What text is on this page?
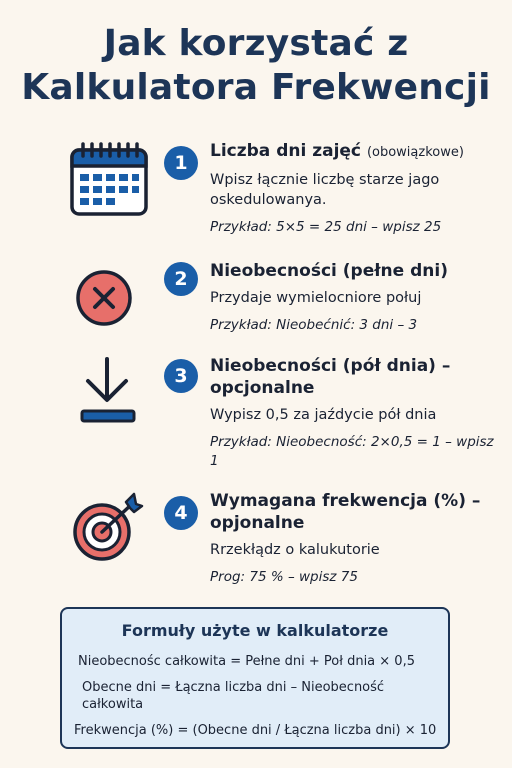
Jak korzystać z
Kalkulatora Frekwencji
1
Liczba dni zajęć (obowiązkowe)
Wpisz łącznie liczbę starze jago oskedulowanya.
Przykład: 5×5 = 25 dni – wpisz 25
2	Nieobecności (pełne dni)
Przydaje wymielocniore połuj
Przykład: Nieobećnić: 3 dni – 3
3	Nieobecności (pół dnia) – opcjonalne
Wypisz 0,5 za jaźdycie pół dnia
Przykład: Nieobecność: 2×0,5 = 1 – wpisz 1
4
Wymagana frekwencja (%) – opjonalne
Rrzekłądz o kalukutorie
Prog: 75 % – wpisz 75
Formuły użyte w kalkulatorze
Nieobecnośc całkowita = Pełne dni + Poł dnia × 0,5
Obecne dni = Łączna liczba dni – Nieobecność
całkowita
Frekwencja (%) = (Obecne dni / Łączna liczba dni) × 10
